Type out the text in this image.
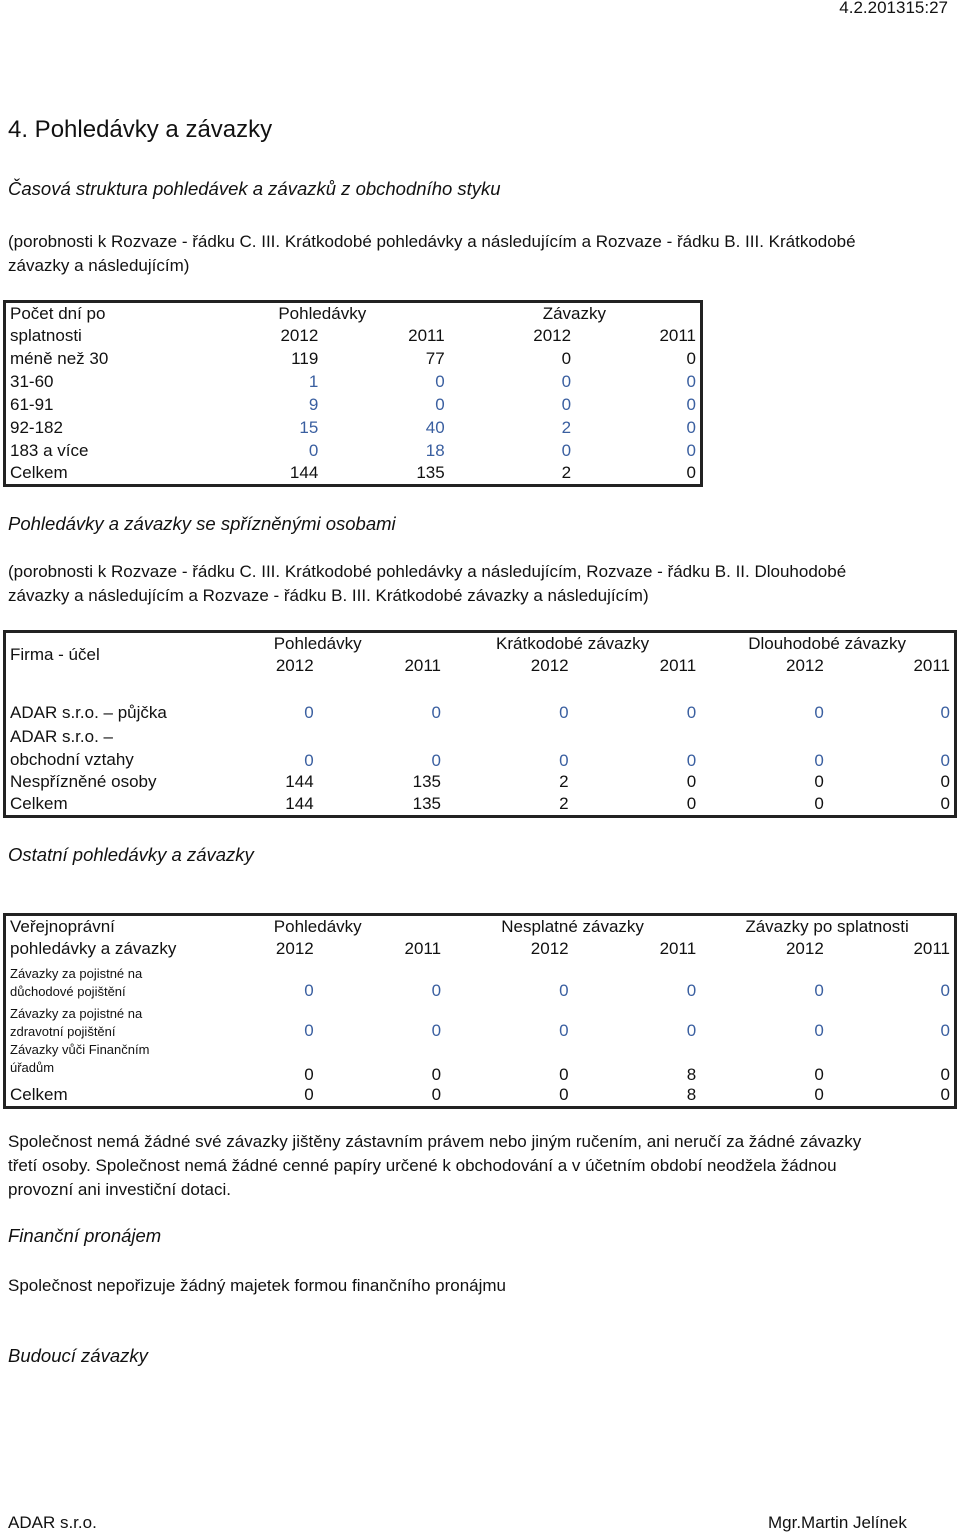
4.2.201315:27
4. Pohledávky a závazky
Časová struktura pohledávek a závazků z obchodního styku
(porobnosti k Rozvaze - řádku C. III. Krátkodobé pohledávky a následujícím a Rozvaze - řádku B. III. Krátkodobé
závazky a následujícím)
Počet dní po	Pohledávky		Závazky	
splatnosti	2012	2011	2012	2011
méně než 30	119	77	0	0
31-60	1	0	0	0
61-91	9	0	0	0
92-182	15	40	2	0
183 a více	0	18	0	0
Celkem	144	135	2	0
Pohledávky a závazky se spřízněnými osobami
(porobnosti k Rozvaze - řádku C. III. Krátkodobé pohledávky a následujícím, Rozvaze - řádku B. II. Dlouhodobé
závazky a následujícím a Rozvaze - řádku B. III. Krátkodobé závazky a následujícím)
Firma - účel	Pohledávky		Krátkodobé závazky		Dlouhodobé závazky	
	2012	2011	2012	2011	2012	2011

ADAR s.r.o. – půjčka	0	0	0	0	0	0

ADAR s.r.o. –
obchodní vztahy	0	0	0	0	0	0
Nespřízněné osoby	144	135	2	0	0	0
Celkem	144	135	2	0	0	0
Ostatní pohledávky a závazky
Veřejnoprávní	Pohledávky		Nesplatné závazky		Závazky po splatnosti	
pohledávky a závazky	2012	2011	2012	2011	2012	2011

Závazky za pojistné na
důchodové pojištění	0	0	0	0	0	0

Závazky za pojistné na
zdravotní pojištění	0	0	0	0	0	0

Závazky vůči Finančním
úřadům	0	0	0	8	0	0
Celkem	0	0	0	8	0	0
Společnost nemá žádné své závazky jištěny zástavním právem nebo jiným ručením, ani neručí za žádné závazky
třetí osoby. Společnost nemá žádné cenné papíry určené k obchodování a v účetním období neodžela žádnou
provozní ani investiční dotaci.
Finanční pronájem
Společnost nepořizuje žádný majetek formou finančního pronájmu
Budoucí závazky
ADAR s.r.o.	Mgr.Martin Jelínek
